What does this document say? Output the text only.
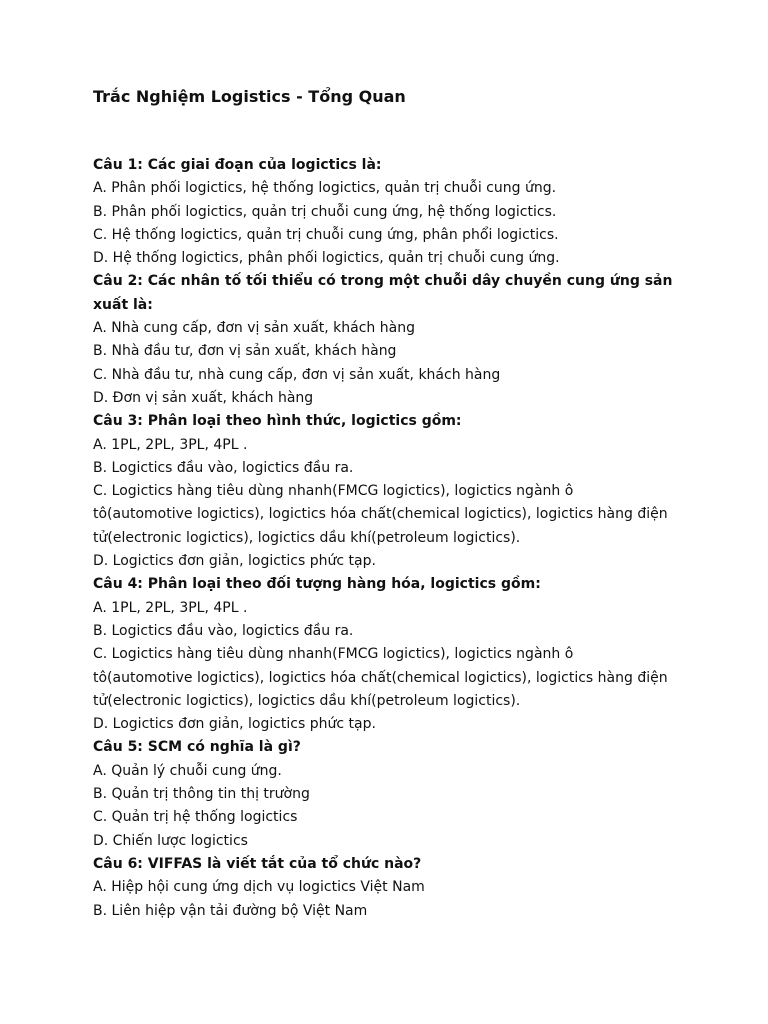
Trắc Nghiệm Logistics - Tổng Quan
Câu 1: Các giai đoạn của logictics là:
A. Phân phối logictics, hệ thống logictics, quản trị chuỗi cung ứng.
B. Phân phối logictics, quản trị chuỗi cung ứng, hệ thống logictics.
C. Hệ thống logictics, quản trị chuỗi cung ứng, phân phổi logictics.
D. Hệ thống logictics, phân phối logictics, quản trị chuỗi cung ứng.
Câu 2: Các nhân tố tối thiểu có trong một chuỗi dây chuyền cung ứng sản xuất là:
A. Nhà cung cấp, đơn vị sản xuất, khách hàng
B. Nhà đầu tư, đơn vị sản xuất, khách hàng
C. Nhà đầu tư, nhà cung cấp, đơn vị sản xuất, khách hàng
D. Đơn vị sản xuất, khách hàng
Câu 3: Phân loại theo hình thức, logictics gồm:
A. 1PL, 2PL, 3PL, 4PL .
B. Logictics đầu vào, logictics đầu ra.
C. Logictics hàng tiêu dùng nhanh(FMCG logictics), logictics ngành ô tô(automotive logictics), logictics hóa chất(chemical logictics), logictics hàng điện tử(electronic logictics), logictics dầu khí(petroleum logictics).
D. Logictics đơn giản, logictics phức tạp.
Câu 4: Phân loại theo đối tượng hàng hóa, logictics gồm:
A. 1PL, 2PL, 3PL, 4PL .
B. Logictics đầu vào, logictics đầu ra.
C. Logictics hàng tiêu dùng nhanh(FMCG logictics), logictics ngành ô tô(automotive logictics), logictics hóa chất(chemical logictics), logictics hàng điện tử(electronic logictics), logictics dầu khí(petroleum logictics).
D. Logictics đơn giản, logictics phức tạp.
Câu 5: SCM có nghĩa là gì?
A. Quản lý chuỗi cung ứng.
B. Quản trị thông tin thị trường
C. Quản trị hệ thống logictics
D. Chiến lược logictics
Câu 6: VIFFAS là viết tắt của tổ chức nào?
A. Hiệp hội cung ứng dịch vụ logictics Việt Nam
B. Liên hiệp vận tải đường bộ Việt Nam
